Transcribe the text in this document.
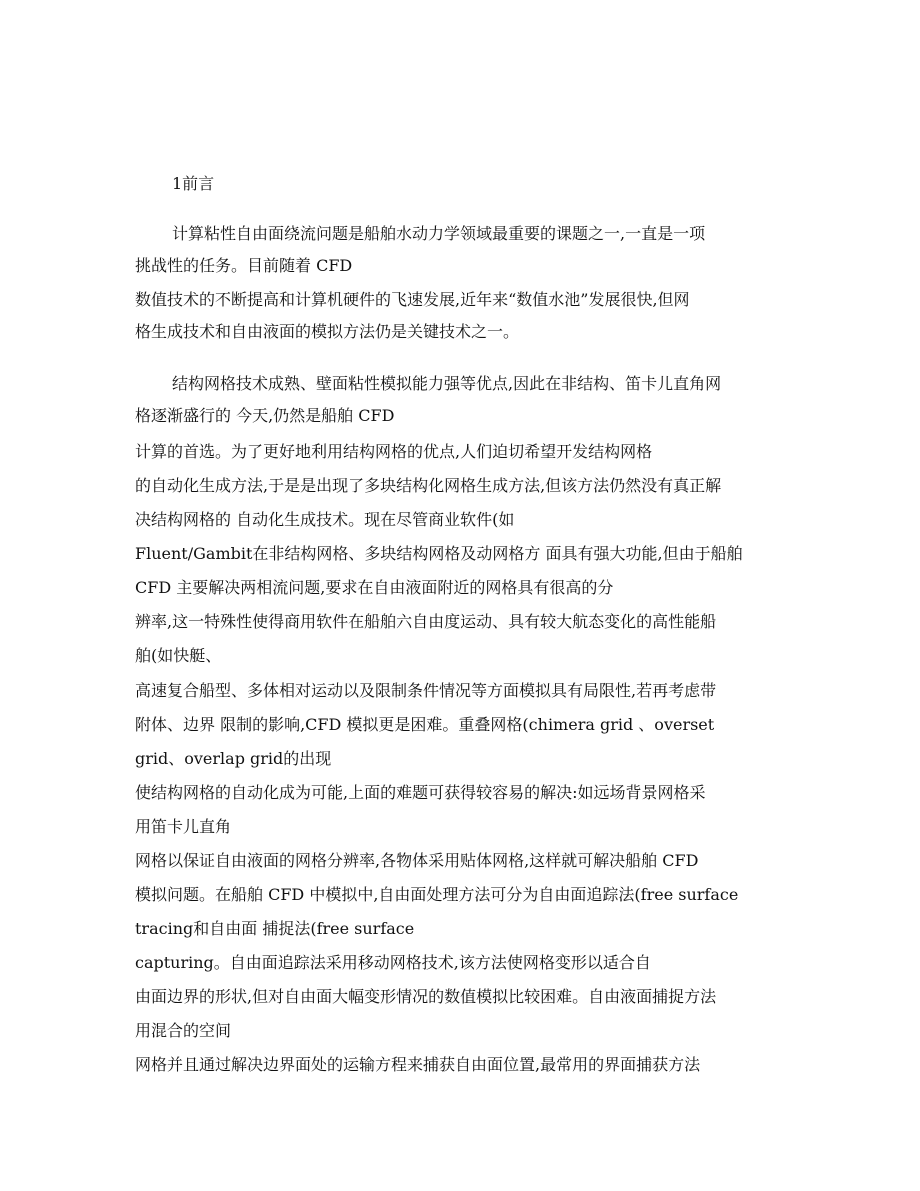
1前言
计算粘性自由面绕流问题是船舶水动力学领域最重要的课题之一,一直是一项
挑战性的任务。目前随着 CFD
数值技术的不断提高和计算机硬件的飞速发展,近年来“数值水池”发展很快,但网
格生成技术和自由液面的模拟方法仍是关键技术之一。
结构网格技术成熟、壁面粘性模拟能力强等优点,因此在非结构、笛卡儿直角网
格逐渐盛行的 今天,仍然是船舶 CFD
计算的首选。为了更好地利用结构网格的优点,人们迫切希望开发结构网格
的自动化生成方法,于是是出现了多块结构化网格生成方法,但该方法仍然没有真正解
决结构网格的 自动化生成技术。现在尽管商业软件(如
Fluent/Gambit在非结构网格、多块结构网格及动网格方 面具有强大功能,但由于船舶
CFD 主要解决两相流问题,要求在自由液面附近的网格具有很高的分
辨率,这一特殊性使得商用软件在船舶六自由度运动、具有较大航态变化的高性能船
舶(如快艇、
高速复合船型、多体相对运动以及限制条件情况等方面模拟具有局限性,若再考虑带
附体、边界 限制的影响,CFD 模拟更是困难。重叠网格(chimera grid 、overset
grid、overlap grid的出现
使结构网格的自动化成为可能,上面的难题可获得较容易的解决:如远场背景网格采
用笛卡儿直角
网格以保证自由液面的网格分辨率,各物体采用贴体网格,这样就可解决船舶 CFD
模拟问题。在船舶 CFD 中模拟中,自由面处理方法可分为自由面追踪法(free surface
tracing和自由面 捕捉法(free surface
capturing。自由面追踪法采用移动网格技术,该方法使网格变形以适合自
由面边界的形状,但对自由面大幅变形情况的数值模拟比较困难。自由液面捕捉方法
用混合的空间
网格并且通过解决边界面处的运输方程来捕获自由面位置,最常用的界面捕获方法
